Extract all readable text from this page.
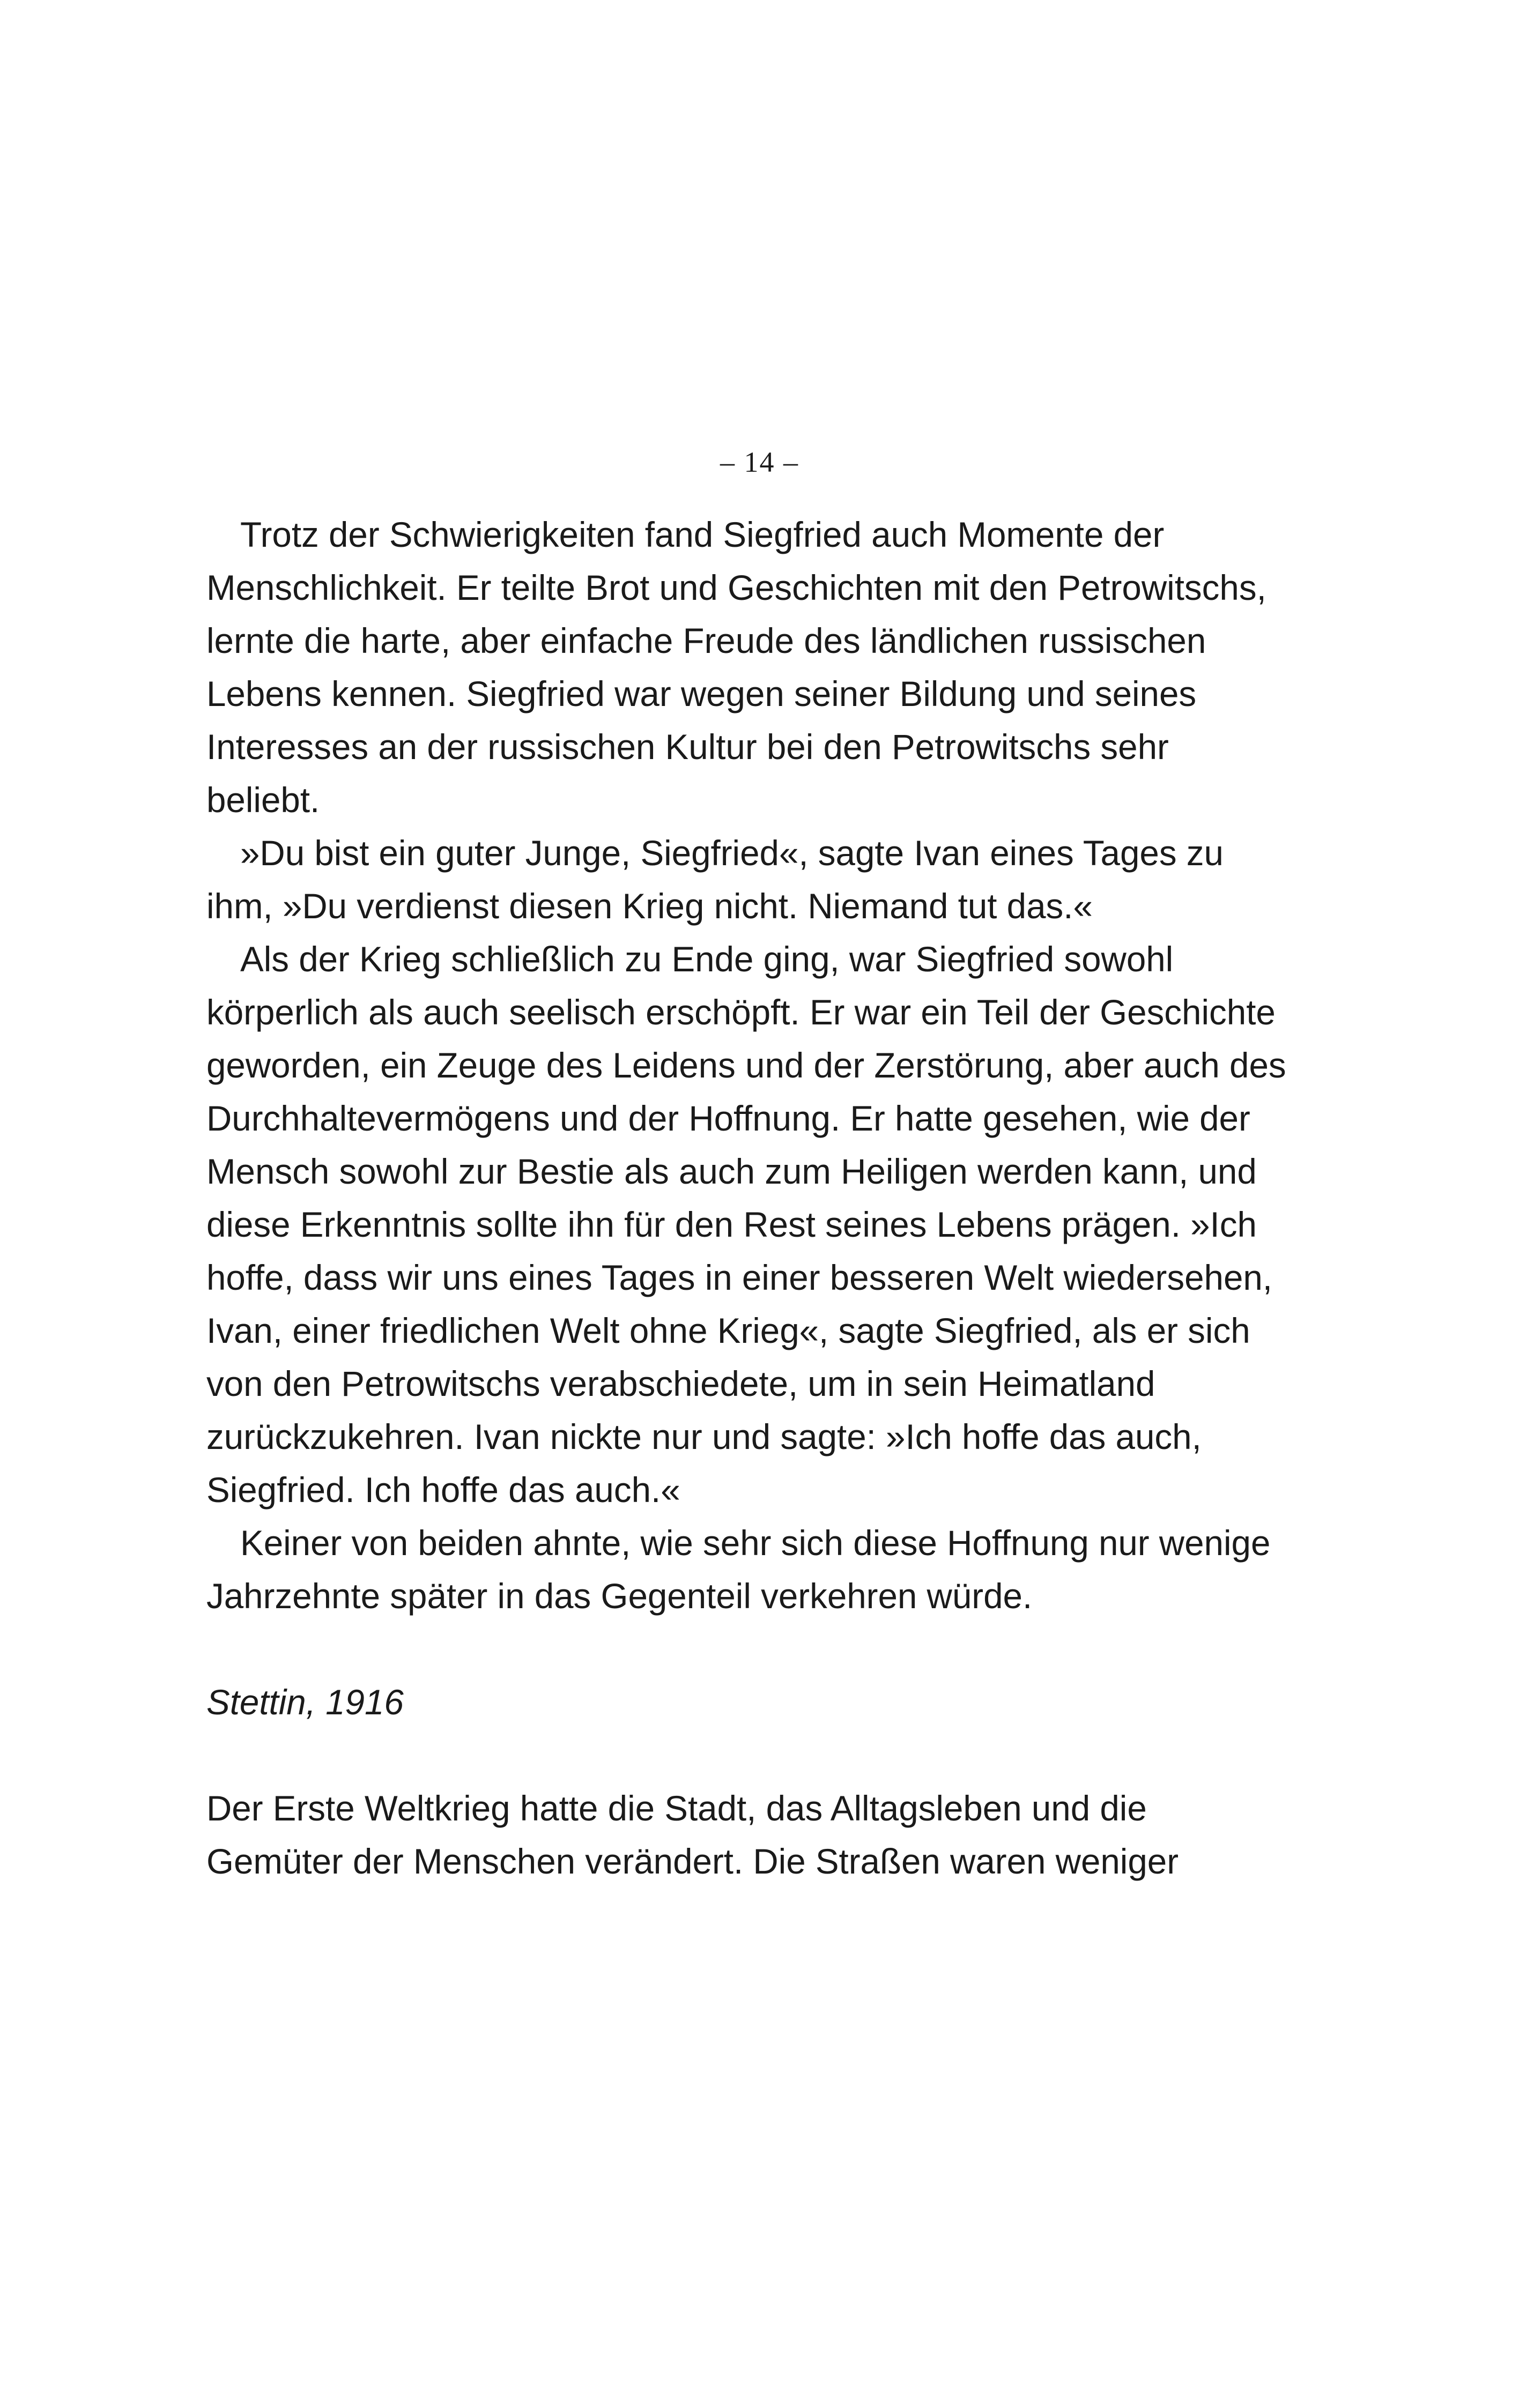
– 14 –
Trotz der Schwierigkeiten fand Siegfried auch Momente der
Menschlichkeit. Er teilte Brot und Geschichten mit den Petrowitschs,
lernte die harte, aber einfache Freude des ländlichen russischen
Lebens kennen. Siegfried war wegen seiner Bildung und seines
Interesses an der russischen Kultur bei den Petrowitschs sehr
beliebt.
»Du bist ein guter Junge, Siegfried«, sagte Ivan eines Tages zu
ihm, »Du verdienst diesen Krieg nicht. Niemand tut das.«
Als der Krieg schließlich zu Ende ging, war Siegfried sowohl
körperlich als auch seelisch erschöpft. Er war ein Teil der Geschichte
geworden, ein Zeuge des Leidens und der Zerstörung, aber auch des
Durchhaltevermögens und der Hoffnung. Er hatte gesehen, wie der
Mensch sowohl zur Bestie als auch zum Heiligen werden kann, und
diese Erkenntnis sollte ihn für den Rest seines Lebens prägen. »Ich
hoffe, dass wir uns eines Tages in einer besseren Welt wiedersehen,
Ivan, einer friedlichen Welt ohne Krieg«, sagte Siegfried, als er sich
von den Petrowitschs verabschiedete, um in sein Heimatland
zurückzukehren. Ivan nickte nur und sagte: »Ich hoffe das auch,
Siegfried. Ich hoffe das auch.«
Keiner von beiden ahnte, wie sehr sich diese Hoffnung nur wenige
Jahrzehnte später in das Gegenteil verkehren würde.
Stettin, 1916
Der Erste Weltkrieg hatte die Stadt, das Alltagsleben und die
Gemüter der Menschen verändert. Die Straßen waren weniger
